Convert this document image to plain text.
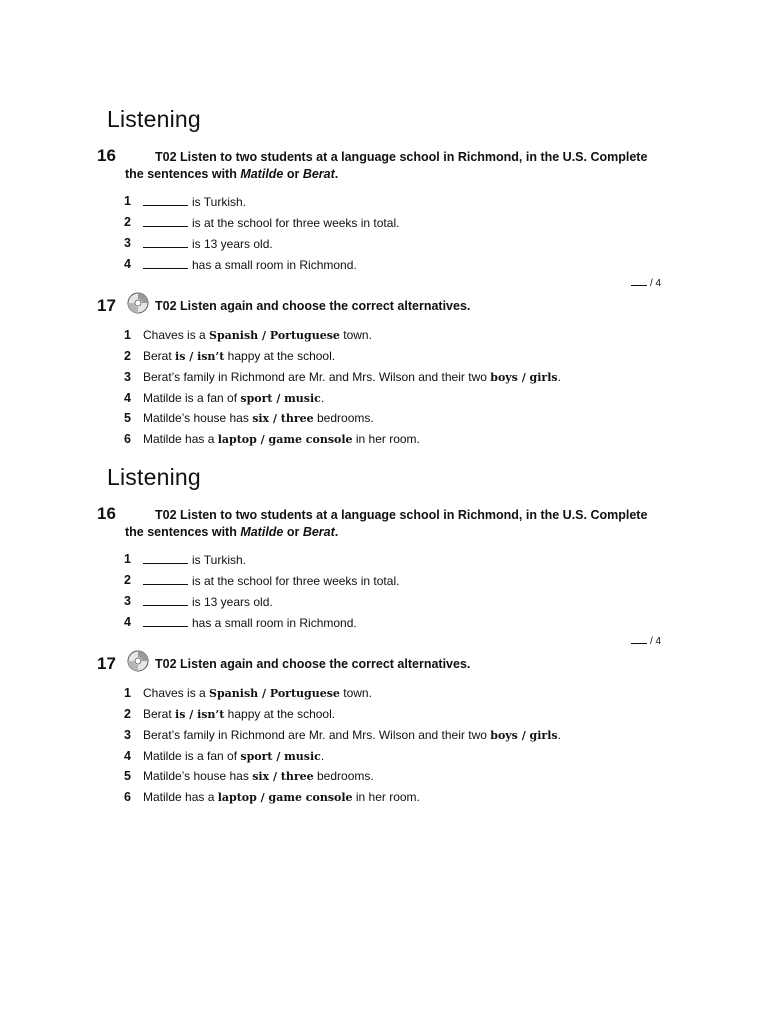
Listening
16	T02 Listen to two students at a language school in Richmond, in the U.S. Complete the sentences with Matilde or Berat.
1	is Turkish.
2	is at the school for three weeks in total.
3	is 13 years old.
4	has a small room in Richmond.
/ 4
17	T02 Listen again and choose the correct alternatives.
1 Chaves is a Spanish / Portuguese town.
2 Berat is / isn’t happy at the school.
3 Berat’s family in Richmond are Mr. and Mrs. Wilson and their two boys / girls.
4 Matilde is a fan of sport / music.
5 Matilde’s house has six / three bedrooms.
6 Matilde has a laptop / game console in her room.
Listening
16	T02 Listen to two students at a language school in Richmond, in the U.S. Complete the sentences with Matilde or Berat.
1	is Turkish.
2	is at the school for three weeks in total.
3	is 13 years old.
4	has a small room in Richmond.
/ 4
17	T02 Listen again and choose the correct alternatives.
1 Chaves is a Spanish / Portuguese town.
2 Berat is / isn’t happy at the school.
3 Berat’s family in Richmond are Mr. and Mrs. Wilson and their two boys / girls.
4 Matilde is a fan of sport / music.
5 Matilde’s house has six / three bedrooms.
6 Matilde has a laptop / game console in her room.
